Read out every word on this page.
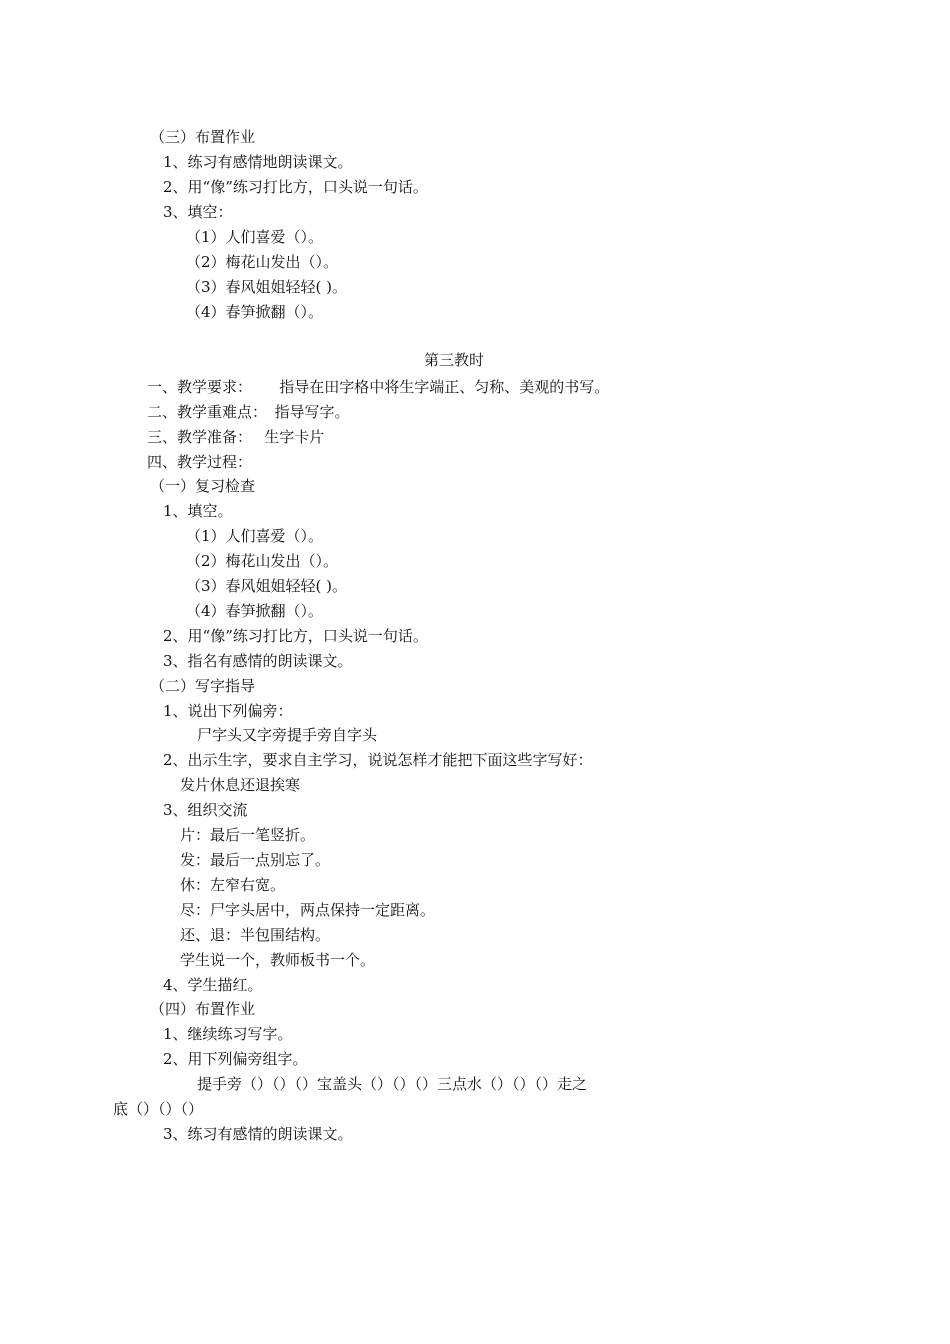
（三）布置作业
1、练习有感情地朗读课文。
2、用“像”练习打比方，口头说一句话。
3、填空：
（1）人们喜爱（）。
（2）梅花山发出（）。
（3）春风姐姐轻轻( )。
（4）春笋掀翻（）。
第三教时
一、教学要求：　　 指导在田字格中将生字端正、匀称、美观的书写。
二、教学重难点：　指导写字。
三、教学准备：　 生字卡片
四、教学过程：
（一）复习检查
1、填空。
（1）人们喜爱（）。
（2）梅花山发出（）。
（3）春风姐姐轻轻( )。
（4）春笋掀翻（）。
2、用“像”练习打比方，口头说一句话。
3、指名有感情的朗读课文。
（二）写字指导
1、说出下列偏旁：
尸字头又字旁提手旁自字头
2、出示生字，要求自主学习，说说怎样才能把下面这些字写好：
发片休息还退挨寒
3、组织交流
片：最后一笔竖折。
发：最后一点别忘了。
休：左窄右宽。
尽：尸字头居中，两点保持一定距离。
还、退：半包围结构。
学生说一个，教师板书一个。
4、学生描红。
（四）布置作业
1、继续练习写字。
2、用下列偏旁组字。
提手旁（）（）（）宝盖头（）（）（）三点水（）（）（）走之
底（）（）（）
3、练习有感情的朗读课文。
